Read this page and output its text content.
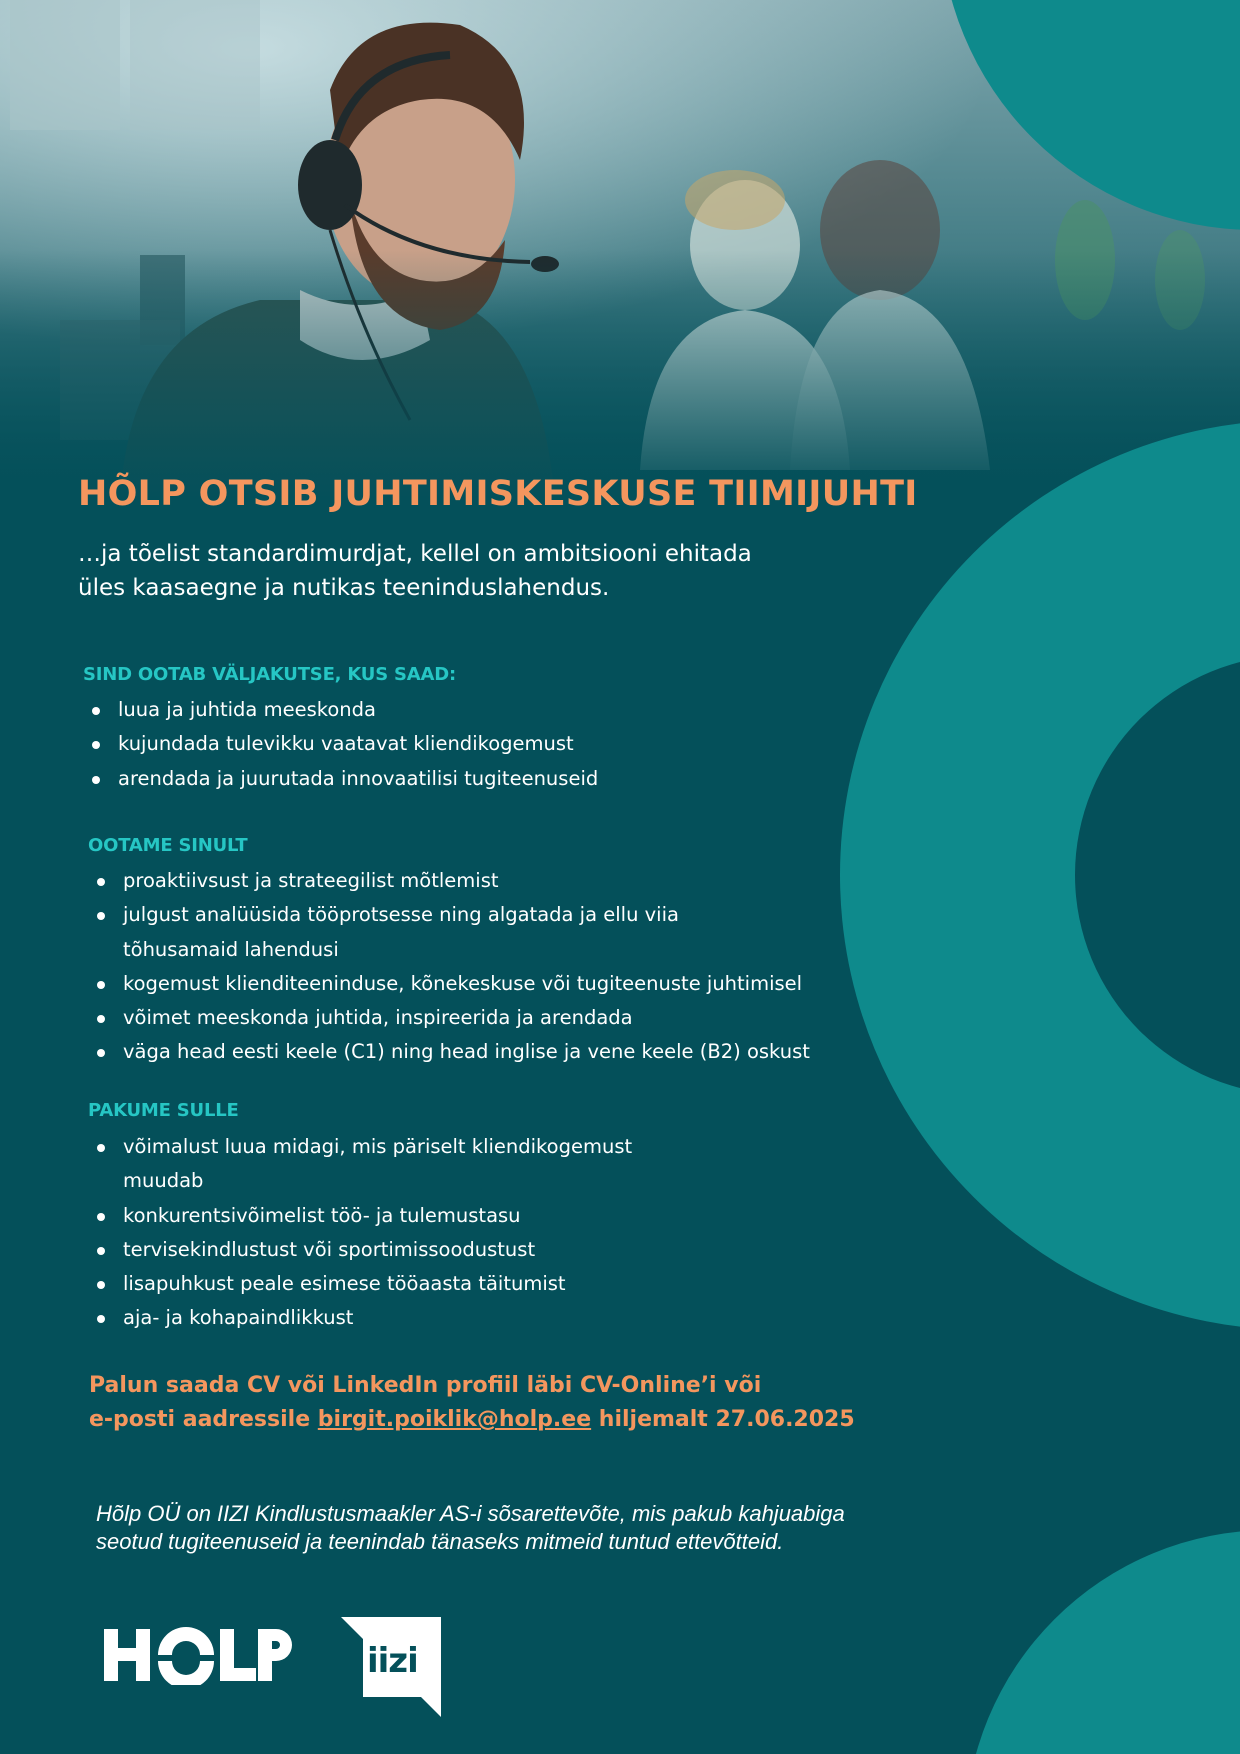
HÕLP OTSIB JUHTIMISKESKUSE TIIMIJUHTI

…ja tõelist standardimurdjat, kellel on ambitsiooni ehitada
üles kaasaegne ja nutikas teeninduslahendus.

SIND OOTAB VÄLJAKUTSE, KUS SAAD:
luua ja juhtida meeskonda
kujundada tulevikku vaatavat kliendikogemust
arendada ja juurutada innovaatilisi tugiteenuseid
OOTAME SINULT
proaktiivsust ja strateegilist mõtlemist
julgust analüüsida tööprotsesse ning algatada ja ellu viia
tõhusamaid lahendusi
kogemust klienditeeninduse, kõnekeskuse või tugiteenuste juhtimisel
võimet meeskonda juhtida, inspireerida ja arendada
väga head eesti keele (C1) ning head inglise ja vene keele (B2) oskust
PAKUME SULLE
võimalust luua midagi, mis päriselt kliendikogemust
muudab
konkurentsivõimelist töö- ja tulemustasu
tervisekindlustust või sportimissoodustust
lisapuhkust peale esimese tööaasta täitumist
aja- ja kohapaindlikkust

Palun saada CV või LinkedIn profiil läbi CV-Online’i või
e-posti aadressile birgit.poiklik@holp.ee hiljemalt 27.06.2025

Hõlp OÜ on IIZI Kindlustusmaakler AS-i sõsarettevõte, mis pakub kahjuabiga
seotud tugiteenuseid ja teenindab tänaseks mitmeid tuntud ettevõtteid.

iizi
